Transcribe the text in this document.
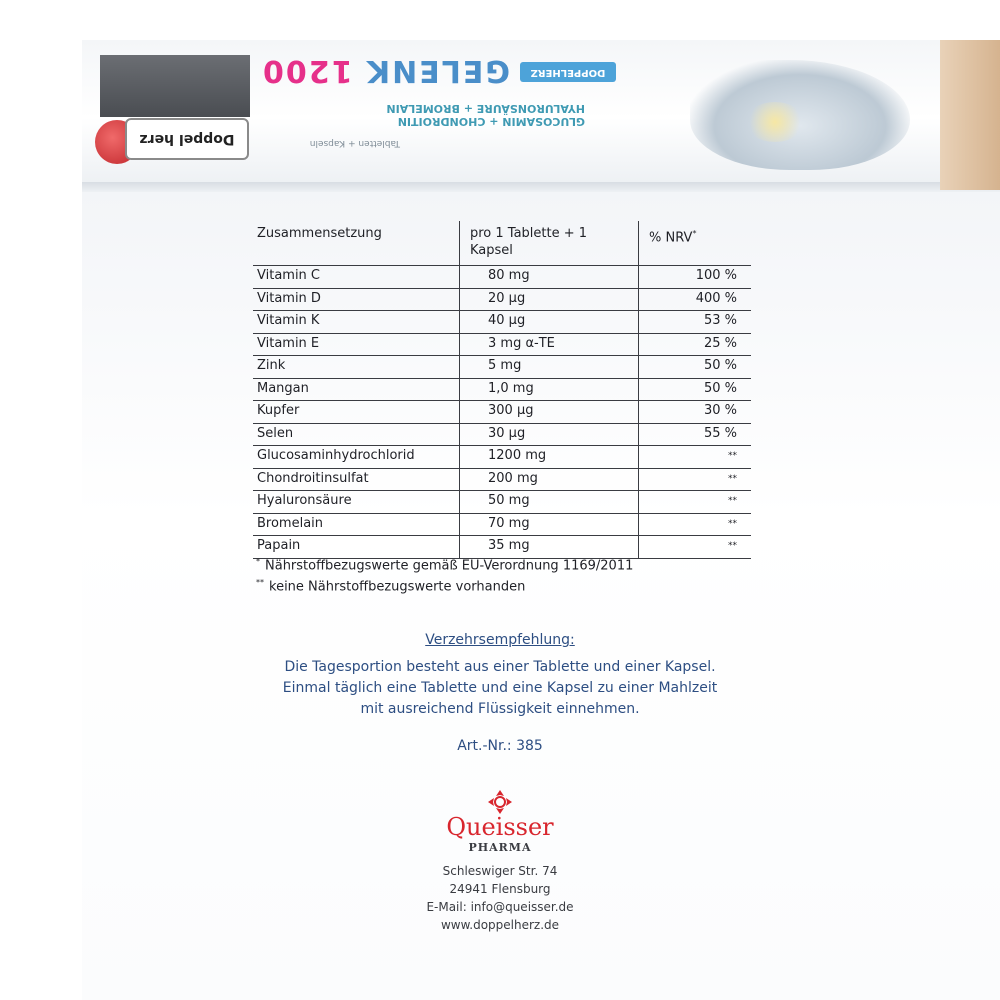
Doppel herz
GELENK 1200
GLUCOSAMIN + CHONDROITIN
HYALURONSÄURE + BROMELAIN
Tabletten + Kapseln
DOPPELHERZ
Zusammensetzung	pro 1 Tablette + 1 Kapsel	% NRV*
Vitamin C	80 mg	100 %
Vitamin D	20 µg	400 %
Vitamin K	40 µg	53 %
Vitamin E	3 mg α-TE	25 %
Zink	5 mg	50 %
Mangan	1,0 mg	50 %
Kupfer	300 µg	30 %
Selen	30 µg	55 %
Glucosaminhydrochlorid	1200 mg	**
Chondroitinsulfat	200 mg	**
Hyaluronsäure	50 mg	**
Bromelain	70 mg	**
Papain	35 mg	**
* Nährstoffbezugswerte gemäß EU-Verordnung 1169/2011
** keine Nährstoffbezugswerte vorhanden
Verzehrsempfehlung:
Die Tagesportion besteht aus einer Tablette und einer Kapsel.
Einmal täglich eine Tablette und eine Kapsel zu einer Mahlzeit
mit ausreichend Flüssigkeit einnehmen.
Art.-Nr.: 385
Queisser
PHARMA
Schleswiger Str. 74
24941 Flensburg
E-Mail: info@queisser.de
www.doppelherz.de
